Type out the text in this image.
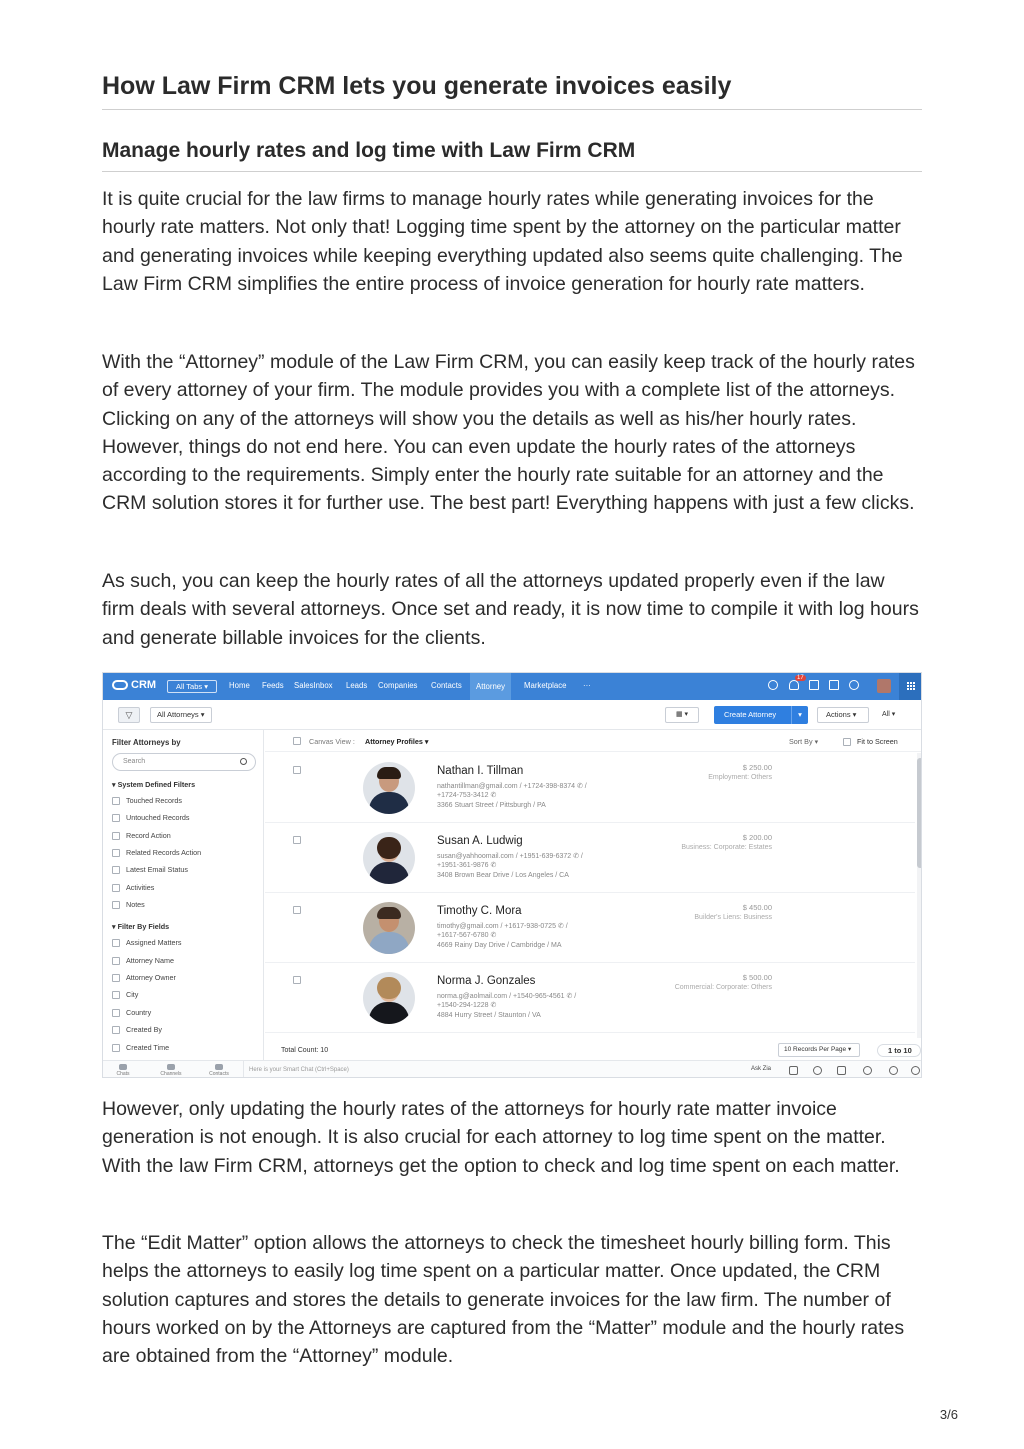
How Law Firm CRM lets you generate invoices easily
Manage hourly rates and log time with Law Firm CRM

It is quite crucial for the law firms to manage hourly rates while generating invoices for the hourly rate matters. Not only that! Logging time spent by the attorney on the particular matter and generating invoices while keeping everything updated also seems quite challenging. The Law Firm CRM simplifies the entire process of invoice generation for hourly rate matters.

With the “Attorney” module of the Law Firm CRM, you can easily keep track of the hourly rates of every attorney of your firm. The module provides you with a complete list of the attorneys. Clicking on any of the attorneys will show you the details as well as his/her hourly rates. However, things do not end here. You can even update the hourly rates of the attorneys according to the requirements. Simply enter the hourly rate suitable for an attorney and the CRM solution stores it for further use. The best part! Everything happens with just a few clicks.

As such, you can keep the hourly rates of all the attorneys updated properly even if the law firm deals with several attorneys. Once set and ready, it is now time to compile it with log hours and generate billable invoices for the clients.

CRM	All Tabs ▾	Home Feeds SalesInbox Leads Companies Contacts	Attorney	Marketplace ···
17
▽	All Attorneys ▾	▦ ▾	Create Attorney	▾	Actions ▾	All ▾
Filter Attorneys by
Search
▾ System Defined Filters
Touched Records
Untouched Records
Record Action
Related Records Action
Latest Email Status
Activities
Notes
▾ Filter By Fields
Assigned Matters
Attorney Name
Attorney Owner
City
Country
Created By
Created Time
Canvas View : Attorney Profiles ▾	Sort By ▾	Fit to Screen
Nathan I. Tillman
nathantillman@gmail.com / +1724-398-8374 ✆ /
+1724-753-3412 ✆
3366 Stuart Street / Pittsburgh / PA
$ 250.00
Employment: Others
Susan A. Ludwig
susan@yahhoomail.com / +1951-639-6372 ✆ /
+1951-361-9876 ✆
3408 Brown Bear Drive / Los Angeles / CA
$ 200.00
Business: Corporate: Estates
Timothy C. Mora
timothy@gmail.com / +1617-938-0725 ✆ /
+1617-567-6780 ✆
4669 Rainy Day Drive / Cambridge / MA
$ 450.00
Builder's Liens: Business
Norma J. Gonzales
norma.g@aolmail.com / +1540-965-4561 ✆ /
+1540-294-1228 ✆
4884 Hurry Street / Staunton / VA
$ 500.00
Commercial: Corporate: Others
Total Count: 10	10 Records Per Page ▾	1 to 10
Chats	Channels	Contacts
Here is your Smart Chat (Ctrl+Space)	Ask Zia

However, only updating the hourly rates of the attorneys for hourly rate matter invoice generation is not enough. It is also crucial for each attorney to log time spent on the matter. With the law Firm CRM, attorneys get the option to check and log time spent on each matter.

The “Edit Matter” option allows the attorneys to check the timesheet hourly billing form. This helps the attorneys to easily log time spent on a particular matter. Once updated, the CRM solution captures and stores the details to generate invoices for the law firm. The number of hours worked on by the Attorneys are captured from the “Matter” module and the hourly rates are obtained from the “Attorney” module.

3/6
